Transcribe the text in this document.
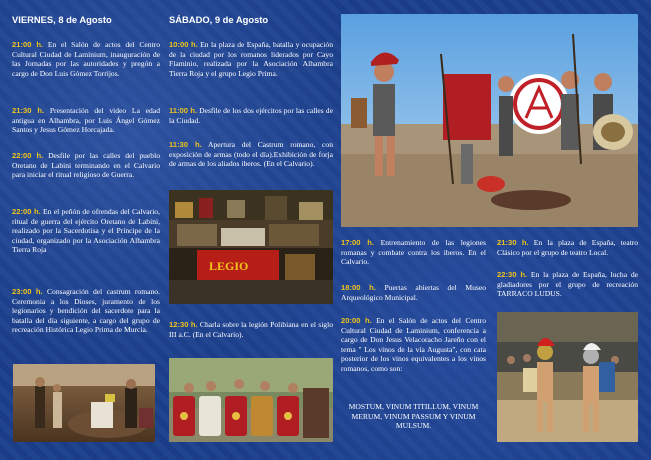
VIERNES, 8 de Agosto

21:00 h. En el Salón de actos del Centro Cultural Ciudad de Laminium, inauguración de las Jornadas por las autoridades y pregón a cargo de Don Luis Gómez Torrijos.

21:30 h. Presentación del video La edad antigua en Alhambra, por Luis Ángel Gómez Santos y Jesus Gómez Horcajada.

22:00 h. Desfile por las calles del pueblo Oretano de Labini terminando en el Calvario para iniciar el ritual religioso de Guerra.

22:00 h. En el peñón de ofrendas del Calvario, ritual de guerra del ejército Oretano de Labini, realizado por la Sacerdotisa y el Príncipe de la ciudad, organizado por la Asociación Alhambra Tierra Roja

23:00 h. Consagración del castrum romano. Ceremonia a los Dioses, juramento de los legionarios y bendición del sacerdote para la batalla del día siguiente, a cargo del grupo de recreación Histórica Legio Prima de Murcia.

SÁBADO, 9 de Agosto

10:00 h. En la plaza de España, batalla y ocupación de la ciudad por los romanos liderados por Cayo Flaminio, realizada por la Asociación Alhambra Tierra Roja y el grupo Legio Prima.

11:00 h. Desfile de los dos ejércitos por las calles de la Ciudad.

11:30 h. Apertura del Castrum romano, con exposición de armas (todo el día).Exhibición de forja de armas de los aliados iberos. (En el Calvario).

12:30 h. Charla sobre la legión Polibiana en el siglo III a.C. (En el Calvario).

LEGIO

17:00 h. Entrenamiento de las legiones romanas y combate contra los iberos. En el Calvario.

18:00 h. Puertas abiertas del Museo Arqueológico Municipal.

20:00 h. En el Salón de actos del Centro Cultural Ciudad de Laminium, conferencia a cargo de Don Jesus Velacoracho Jareño con el tema " Los vinos de la vía Augusta", con cata posterior de los vinos equivalentes a los vinos romanos, como son:

MOSTUM, VINUM TITILLUM, VINUM MERUM, VINUM PASSUM Y VINUM MULSUM.

21:30 h. En la plaza de España, teatro Clásico por el grupo de teatro Local.

22:30 h. En la plaza de España, lucha de gladiadores por el grupo de recreación TARRACO LUDUS.
